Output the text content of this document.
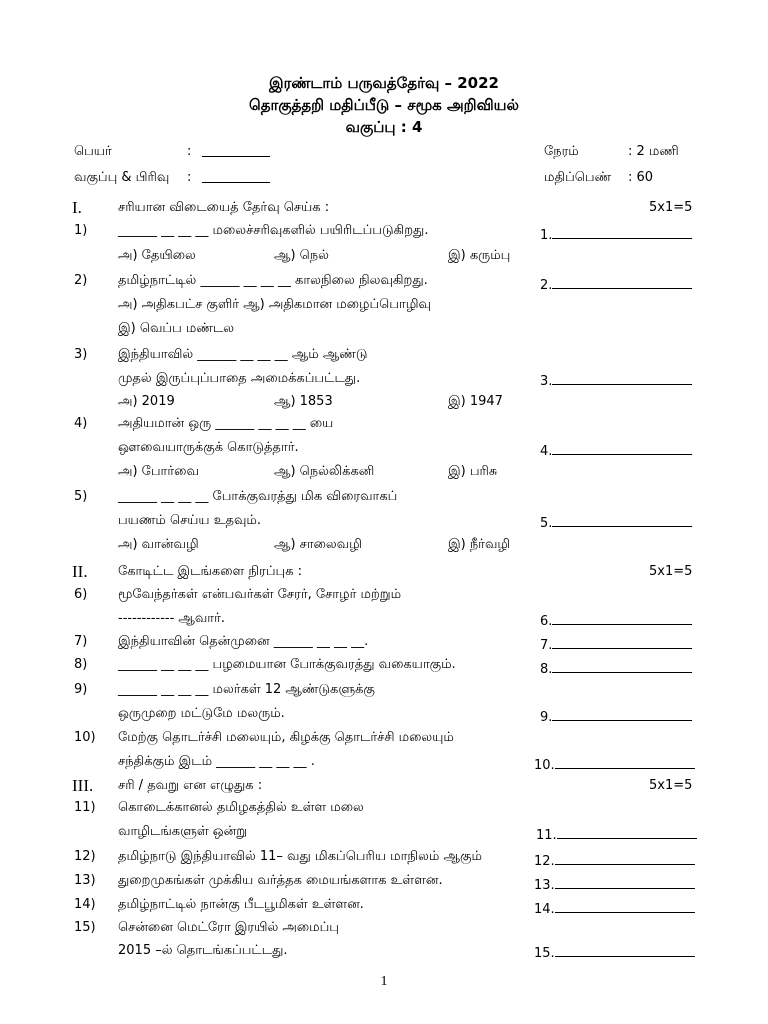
இரண்டாம் பருவத்தேர்வு – 2022
தொகுத்தறி மதிப்பீடு – சமூக அறிவியல்
வகுப்பு : 4
பெயர்	:	நேரம்	: 2 மணி
வகுப்பு & பிரிவு :	மதிப்பெண் : 60
I.	சரியான விடையைத் தேர்வு செய்க :	5x1=5
1) ______ __ __ __ மலைச்சரிவுகளில் பயிரிடப்படுகிறது.	1.
அ) தேயிலை	ஆ) நெல்	இ) கரும்பு
2) தமிழ்நாட்டில் ______ __ __ __ காலநிலை நிலவுகிறது.	2.
அ) அதிகபட்ச குளிர் ஆ) அதிகமான மழைப்பொழிவு
இ) வெப்ப மண்டல
3) இந்தியாவில் ______ __ __ __ ஆம் ஆண்டு
முதல் இருப்புப்பாதை அமைக்கப்பட்டது.	3.
அ) 2019	ஆ) 1853	இ) 1947
4) அதியமான் ஒரு ______ __ __ __ யை
ஔவையாருக்குக் கொடுத்தார்.	4.
அ) போர்வை	ஆ) நெல்லிக்கனி	இ) பரிசு
5) ______ __ __ __ போக்குவரத்து மிக விரைவாகப்
பயணம் செய்ய உதவும்.	5.
அ) வான்வழி	ஆ) சாலைவழி	இ) நீர்வழி
II. கோடிட்ட இடங்களை நிரப்புக :	5x1=5
6) மூவேந்தர்கள் என்பவர்கள் சேரர், சோழர் மற்றும்
------------ ஆவார்.	6.
7) இந்தியாவின் தென்முனை ______ __ __ __.	7.
8) ______ __ __ __ பழமையான போக்குவரத்து வகையாகும்.	8.
9) ______ __ __ __ மலர்கள் 12 ஆண்டுகளுக்கு
ஒருமுறை மட்டுமே மலரும்.	9.
10) மேற்கு தொடர்ச்சி மலையும், கிழக்கு தொடர்ச்சி மலையும்
சந்திக்கும் இடம் ______ __ __ __ .	10.
III. சரி / தவறு என எழுதுக :	5x1=5
11) கொடைக்கானல் தமிழகத்தில் உள்ள மலை
வாழிடங்களுள் ஒன்று	11.
12) தமிழ்நாடு இந்தியாவில் 11– வது மிகப்பெரிய மாநிலம் ஆகும்	12.
13) துறைமுகங்கள் முக்கிய வர்த்தக மையங்களாக உள்ளன.	13.
14) தமிழ்நாட்டில் நான்கு பீடபூமிகள் உள்ளன.	14.
15) சென்னை மெட்ரோ இரயில் அமைப்பு
2015 –ல் தொடங்கப்பட்டது.	15.
1
